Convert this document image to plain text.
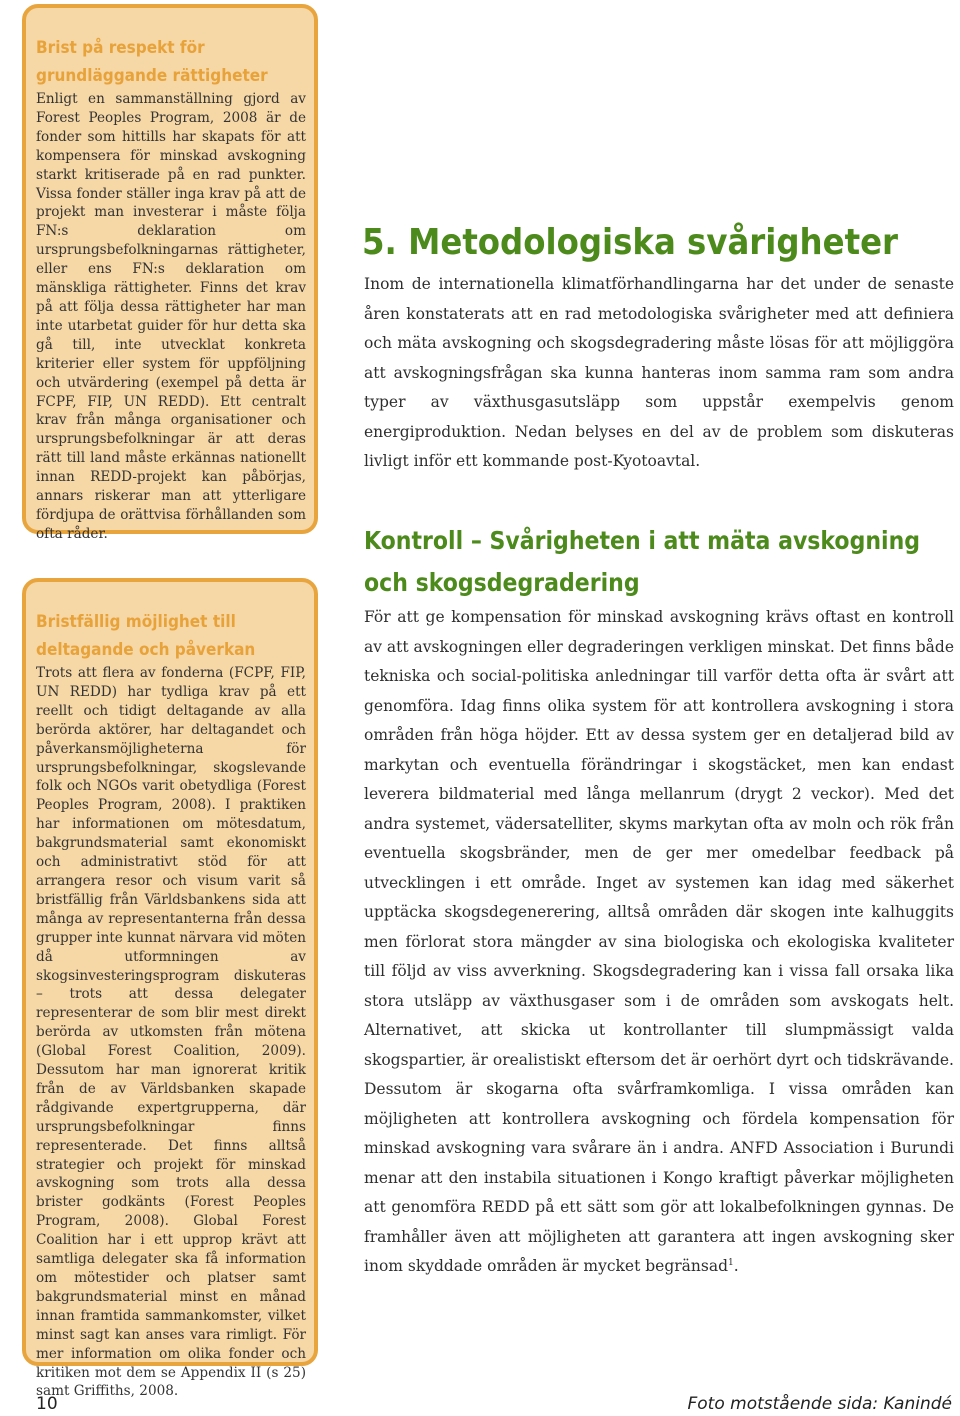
Brist på respekt för grundläggande rättigheter

Enligt en sammanställning gjord av Forest Peoples Program, 2008 är de fonder som hittills har skapats för att kompensera för minskad avskogning starkt kritiserade på en rad punkter. Vissa fonder ställer inga krav på att de projekt man investerar i måste följa FN:s deklaration om ursprungsbefolkningarnas rättigheter, eller ens FN:s deklaration om mänskliga rättigheter. Finns det krav på att följa dessa rättigheter har man inte utarbetat guider för hur detta ska gå till, inte utvecklat konkreta kriterier eller system för uppföljning och utvärdering (exempel på detta är FCPF, FIP, UN REDD). Ett centralt krav från många organisationer och ursprungsbefolkningar är att deras rätt till land måste erkännas nationellt innan REDD-projekt kan påbörjas, annars riskerar man att ytterligare fördjupa de orättvisa förhållanden som ofta råder.

Bristfällig möjlighet till deltagande och påverkan

Trots att flera av fonderna (FCPF, FIP, UN REDD) har tydliga krav på ett reellt och tidigt deltagande av alla berörda aktörer, har deltagandet och påverkansmöjligheterna för ursprungsbefolkningar, skogslevande folk och NGOs varit obetydliga (Forest Peoples Program, 2008). I praktiken har informationen om mötesdatum, bakgrundsmaterial samt ekonomiskt och administrativt stöd för att arrangera resor och visum varit så bristfällig från Världsbankens sida att många av representanterna från dessa grupper inte kunnat närvara vid möten då utformningen av skogsinvesteringsprogram diskuteras – trots att dessa delegater representerar de som blir mest direkt berörda av utkomsten från mötena (Global Forest Coalition, 2009). Dessutom har man ignorerat kritik från de av Världsbanken skapade rådgivande expertgrupperna, där ursprungsbefolkningar finns representerade. Det finns alltså strategier och projekt för minskad avskogning som trots alla dessa brister godkänts (Forest Peoples Program, 2008). Global Forest Coalition har i ett upprop krävt att samtliga delegater ska få information om mötestider och platser samt bakgrundsmaterial minst en månad innan framtida sammankomster, vilket minst sagt kan anses vara rimligt. För mer information om olika fonder och kritiken mot dem se Appendix II (s 25) samt Griffiths, 2008.

5. Metodologiska svårigheter

Inom de internationella klimatförhandlingarna har det under de senaste åren konstaterats att en rad metodologiska svårigheter med att definiera och mäta avskogning och skogsdegradering måste lösas för att möjliggöra att avskogningsfrågan ska kunna hanteras inom samma ram som andra typer av växthusgasutsläpp som uppstår exempelvis genom energiproduktion. Nedan belyses en del av de problem som diskuteras livligt inför ett kommande post-Kyotoavtal.

Kontroll – Svårigheten i att mäta avskogning och skogsdegradering

För att ge kompensation för minskad avskogning krävs oftast en kontroll av att avskogningen eller degraderingen verkligen minskat. Det finns både tekniska och social-politiska anledningar till varför detta ofta är svårt att genomföra. Idag finns olika system för att kontrollera avskogning i stora områden från höga höjder. Ett av dessa system ger en detaljerad bild av markytan och eventuella förändringar i skogstäcket, men kan endast leverera bildmaterial med långa mellanrum (drygt 2 veckor). Med det andra systemet, vädersatelliter, skyms markytan ofta av moln och rök från eventuella skogsbränder, men de ger mer omedelbar feedback på utvecklingen i ett område. Inget av systemen kan idag med säkerhet upptäcka skogsdegenerering, alltså områden där skogen inte kalhuggits men förlorat stora mängder av sina biologiska och ekologiska kvaliteter till följd av viss avverkning. Skogsdegradering kan i vissa fall orsaka lika stora utsläpp av växthusgaser som i de områden som avskogats helt. Alternativet, att skicka ut kontrollanter till slumpmässigt valda skogspartier, är orealistiskt eftersom det är oerhört dyrt och tidskrävande. Dessutom är skogarna ofta svårframkomliga. I vissa områden kan möjligheten att kontrollera avskogning och fördela kompensation för minskad avskogning vara svårare än i andra. ANFD Association i Burundi menar att den instabila situationen i Kongo kraftigt påverkar möjligheten att genomföra REDD på ett sätt som gör att lokalbefolkningen gynnas. De framhåller även att möjligheten att garantera att ingen avskogning sker inom skyddade områden är mycket begränsad$^1$.

10	Foto motstående sida: Kanindé
